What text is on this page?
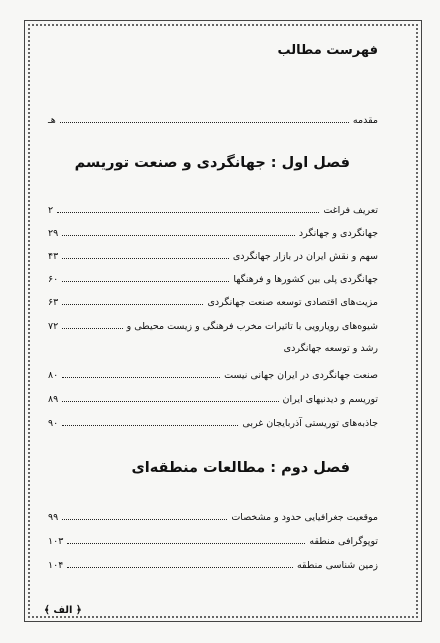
فهرست مطالب
مقدمه
هـ
فصل اول : جهانگردی و صنعت توریسم
تعریف فراغت
۲
جهانگردی و جهانگرد
۲۹
سهم و نقش ایران در بازار جهانگردی
۴۳
جهانگردی پلی بین کشورها و فرهنگها
۶۰
مزیت‌های اقتصادی توسعه صنعت جهانگردی
۶۳
شیوه‌های رویارویی با تاثیرات مخرب فرهنگی و زیست محیطی و
۷۲
رشد و توسعه جهانگردی
صنعت جهانگردی در ایران جهانی نیست
۸۰
توریسم و دیدنیهای ایران
۸۹
جاذبه‌های توریستی آذربایجان غربی
۹۰
فصل دوم : مطالعات منطقه‌ای
موقعیت جغرافیایی حدود و مشخصات
۹۹
توپوگرافی منطقه
۱۰۳
زمین شناسی منطقه
۱۰۴
﴿ الف ﴾
